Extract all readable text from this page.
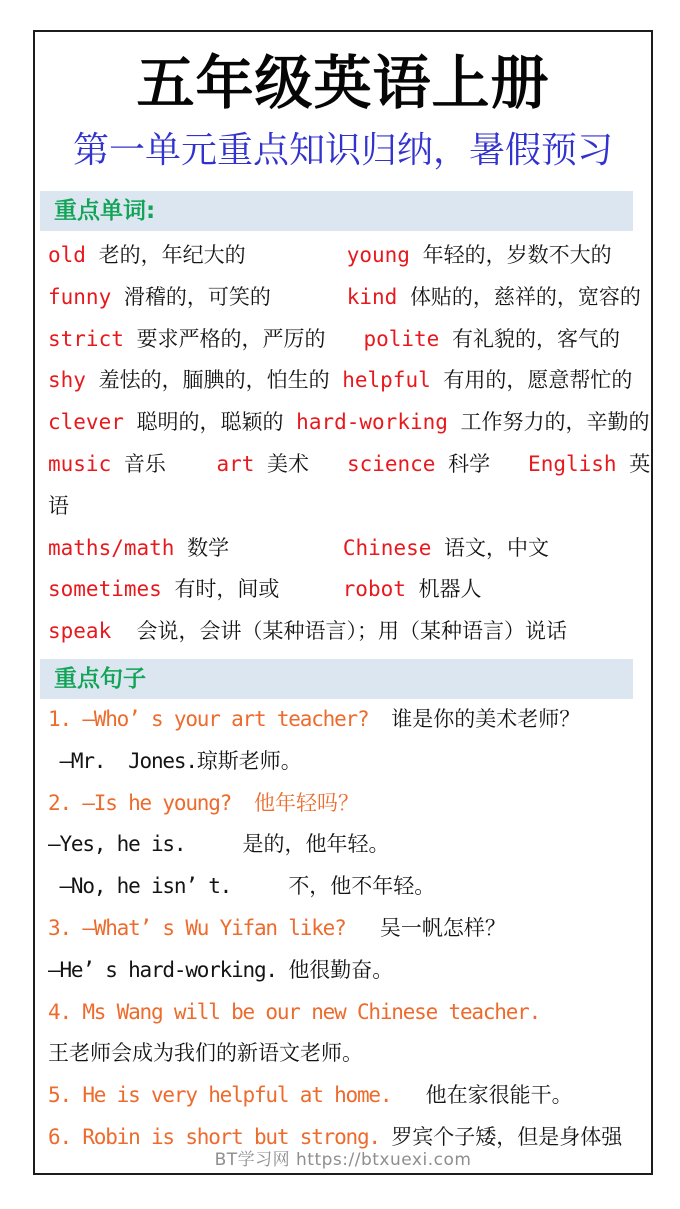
五年级英语上册
第一单元重点知识归纳，暑假预习
重点单词:
old 老的，年纪大的	young 年轻的，岁数不大的
funny 滑稽的，可笑的	kind 体贴的，慈祥的，宽容的
strict 要求严格的，严厉的 polite 有礼貌的，客气的
shy 羞怯的，腼腆的，怕生的 helpful 有用的，愿意帮忙的
clever 聪明的，聪颖的 hard-working 工作努力的，辛勤的
music 音乐 art 美术 science 科学 English 英
语
maths/math 数学	Chinese 语文，中文
sometimes 有时，间或	robot 机器人
speak 会说，会讲（某种语言）；用（某种语言）说话
重点句子
1. —Who’ s your art teacher? 谁是你的美术老师？
—Mr.  Jones.琼斯老师。
2. —Is he young?  他年轻吗？
—Yes, he is.     是的，他年轻。
—No, he isn’ t.     不，他不年轻。
3. —What’ s Wu Yifan like? 吴一帆怎样？
—He’ s hard-working. 他很勤奋。
4. Ms Wang will be our new Chinese teacher.
王老师会成为我们的新语文老师。
5. He is very helpful at home. 他在家很能干。
6. Robin is short but strong. 罗宾个子矮，但是身体强
BT学习网 https://btxuexi.com
